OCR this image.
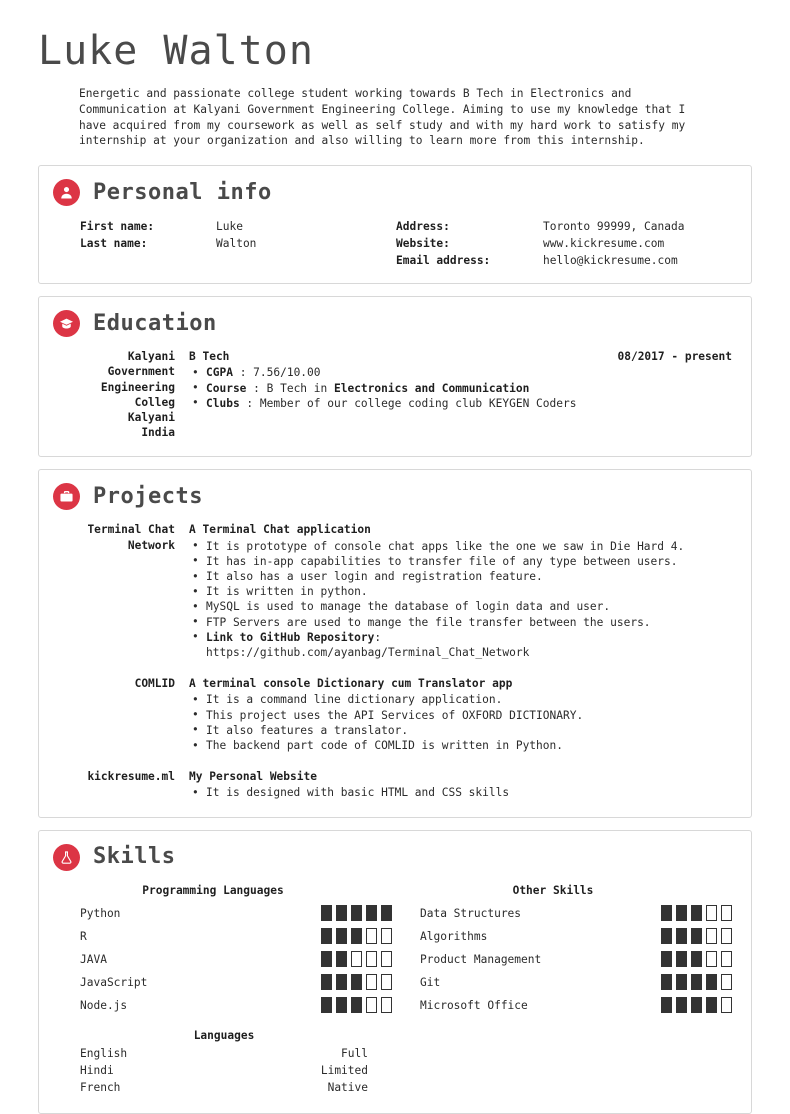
Luke Walton

Energetic and passionate college student working towards B Tech in Electronics and Communication at Kalyani Government Engineering College. Aiming to use my knowledge that I have acquired from my coursework as well as self study and with my hard work to satisfy my internship at your organization and also willing to learn more from this internship.

Personal info
First name:	Luke	Address:	Toronto 99999, Canada
Last name:	Walton	Website:	www.kickresume.com
Email address:	hello@kickresume.com
Education
Kalyani
Government
Engineering
Colleg
Kalyani
India
B Tech	08/2017 - present
• CGPA : 7.56/10.00
• Course : B Tech in Electronics and Communication
• Clubs : Member of our college coding club KEYGEN Coders
Projects
Terminal Chat
Network
A Terminal Chat application
• It is prototype of console chat apps like the one we saw in Die Hard 4.
• It has in-app capabilities to transfer file of any type between users.
• It also has a user login and registration feature.
• It is written in python.
• MySQL is used to manage the database of login data and user.
• FTP Servers are used to mange the file transfer between the users.
• Link to GitHub Repository:
https://github.com/ayanbag/Terminal_Chat_Network
COMLID	A terminal console Dictionary cum Translator app
• It is a command line dictionary application.
• This project uses the API Services of OXFORD DICTIONARY.
• It also features a translator.
• The backend part code of COMLID is written in Python.
kickresume.ml	My Personal Website
• It is designed with basic HTML and CSS skills
Skills
Programming Languages
Python
R
JAVA
JavaScript
Node.js
Other Skills
Data Structures
Algorithms
Product Management
Git
Microsoft Office
Languages
English	Full
Hindi	Limited
French	Native
